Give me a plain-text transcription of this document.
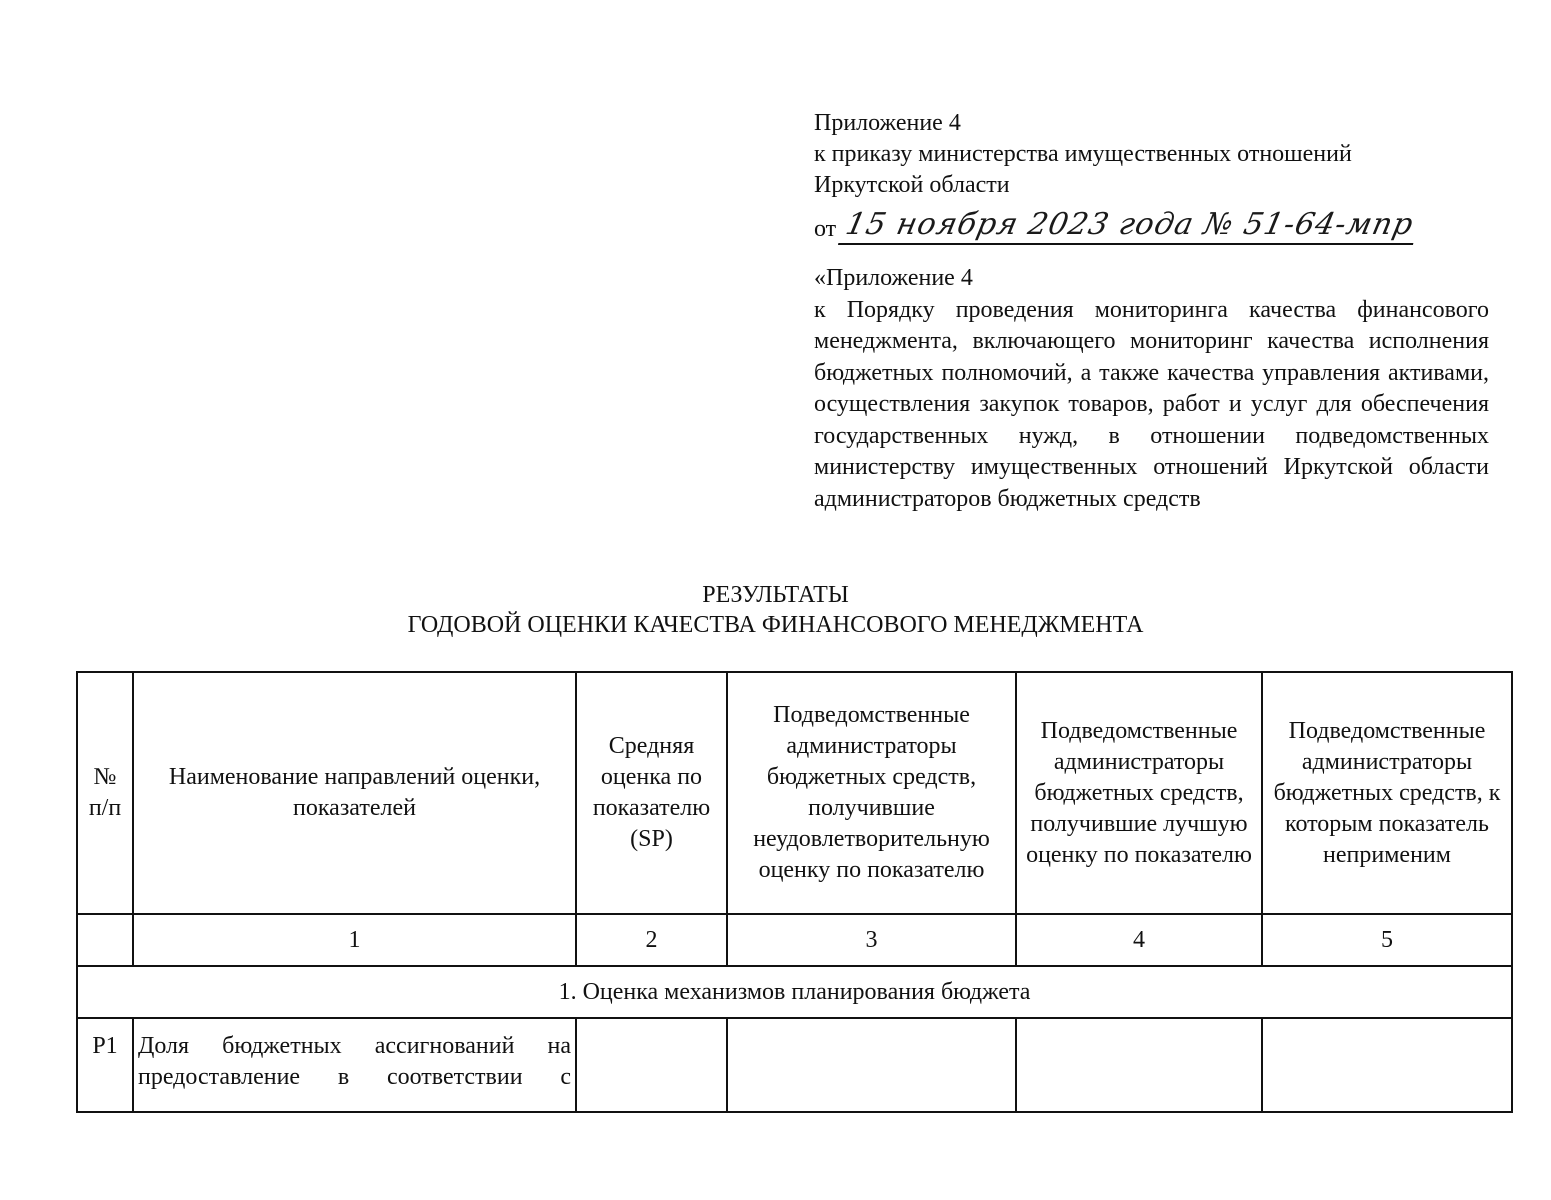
Приложение 4
к приказу министерства имущественных отношений
Иркутской области
от 15 ноября 2023 года № 51-64-мпр
«Приложение 4
к Порядку проведения мониторинга качества финансового менеджмента, включающего мониторинг качества исполнения бюджетных полномочий, а также качества управления активами, осуществления закупок товаров, работ и услуг для обеспечения государственных нужд, в отношении подведомственных министерству имущественных отношений Иркутской области администраторов бюджетных средств
РЕЗУЛЬТАТЫ
ГОДОВОЙ ОЦЕНКИ КАЧЕСТВА ФИНАНСОВОГО МЕНЕДЖМЕНТА
№ п/п	Наименование направлений оценки, показателей	Средняя оценка по показателю (SP)	Подведомственные администраторы бюджетных средств, получившие неудовлетворительную оценку по показателю	Подведомственные администраторы бюджетных средств, получившие лучшую оценку по показателю	Подведомственные администраторы бюджетных средств, к которым показатель неприменим
	1	2	3	4	5
1. Оценка механизмов планирования бюджета					
P1	Доля бюджетных ассигнований на предоставление в соответствии с				
